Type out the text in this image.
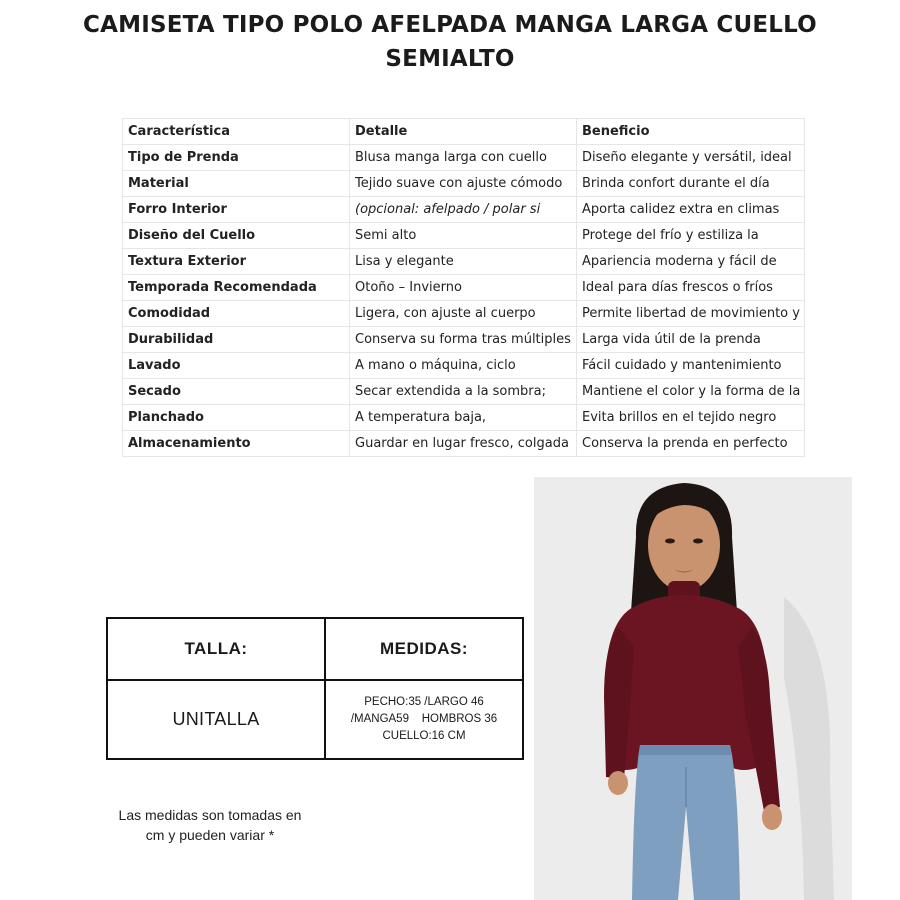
CAMISETA TIPO POLO AFELPADA MANGA LARGA CUELLO
SEMIALTO
Característica	Detalle	Beneficio
Tipo de Prenda	Blusa manga larga con cuello	Diseño elegante y versátil, ideal
Material	Tejido suave con ajuste cómodo	Brinda confort durante el día
Forro Interior	(opcional: afelpado / polar si	Aporta calidez extra en climas
Diseño del Cuello	Semi alto	Protege del frío y estiliza la
Textura Exterior	Lisa y elegante	Apariencia moderna y fácil de
Temporada Recomendada	Otoño – Invierno	Ideal para días frescos o fríos
Comodidad	Ligera, con ajuste al cuerpo	Permite libertad de movimiento y
Durabilidad	Conserva su forma tras múltiples	Larga vida útil de la prenda
Lavado	A mano o máquina, ciclo	Fácil cuidado y mantenimiento
Secado	Secar extendida a la sombra;	Mantiene el color y la forma de la
Planchado	A temperatura baja,	Evita brillos en el tejido negro
Almacenamiento	Guardar en lugar fresco, colgada	Conserva la prenda en perfecto
TALLA:	MEDIDAS:
UNITALLA	PECHO:35 /LARGO 46
/MANGA59    HOMBROS 36
CUELLO:16 CM
Las medidas son tomadas en
cm y pueden variar *
